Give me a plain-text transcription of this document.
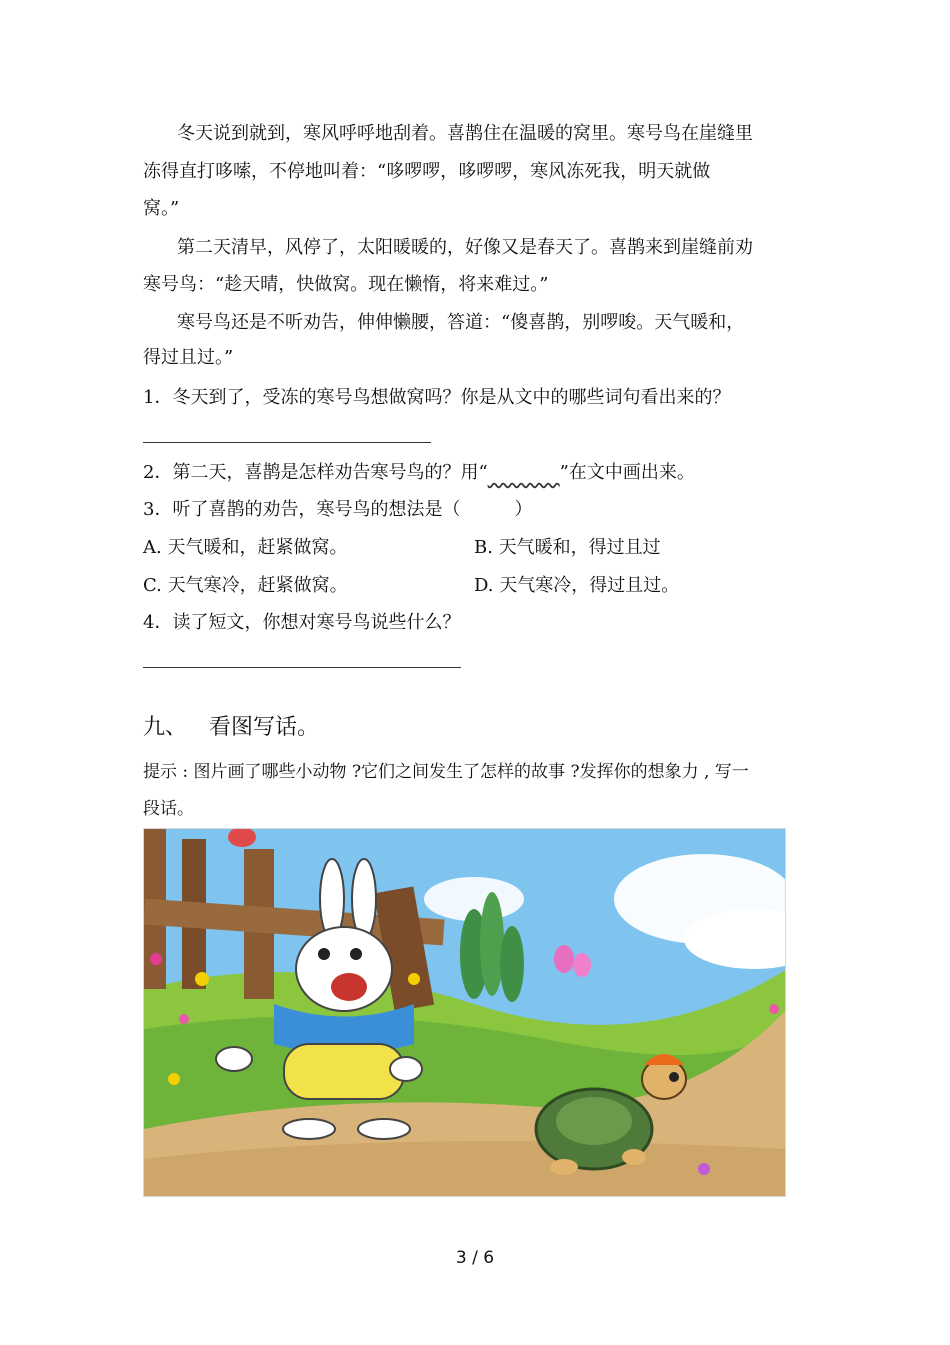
冬天说到就到，寒风呼呼地刮着。喜鹊住在温暖的窝里。寒号鸟在崖缝里
冻得直打哆嗦，不停地叫着：“哆啰啰，哆啰啰，寒风冻死我，明天就做
窝。”
第二天清早，风停了，太阳暖暖的，好像又是春天了。喜鹊来到崖缝前劝
寒号鸟：“趁天晴，快做窝。现在懒惰，将来难过。”
寒号鸟还是不听劝告，伸伸懒腰，答道：“傻喜鹊，别啰唆。天气暖和，
得过且过。”
1．冬天到了，受冻的寒号鸟想做窝吗？你是从文中的哪些词句看出来的？
2．第二天，喜鹊是怎样劝告寒号鸟的？用“	”在文中画出来。
3．听了喜鹊的劝告，寒号鸟的想法是（　　　）
A. 天气暖和，赶紧做窝。	B. 天气暖和，得过且过
C. 天气寒冷，赶紧做窝。	D. 天气寒冷，得过且过。
4．读了短文，你想对寒号鸟说些什么？
九、 看图写话。
提示 : 图片画了哪些小动物 ?它们之间发生了怎样的故事 ?发挥你的想象力 , 写一
段话。
3 / 6
